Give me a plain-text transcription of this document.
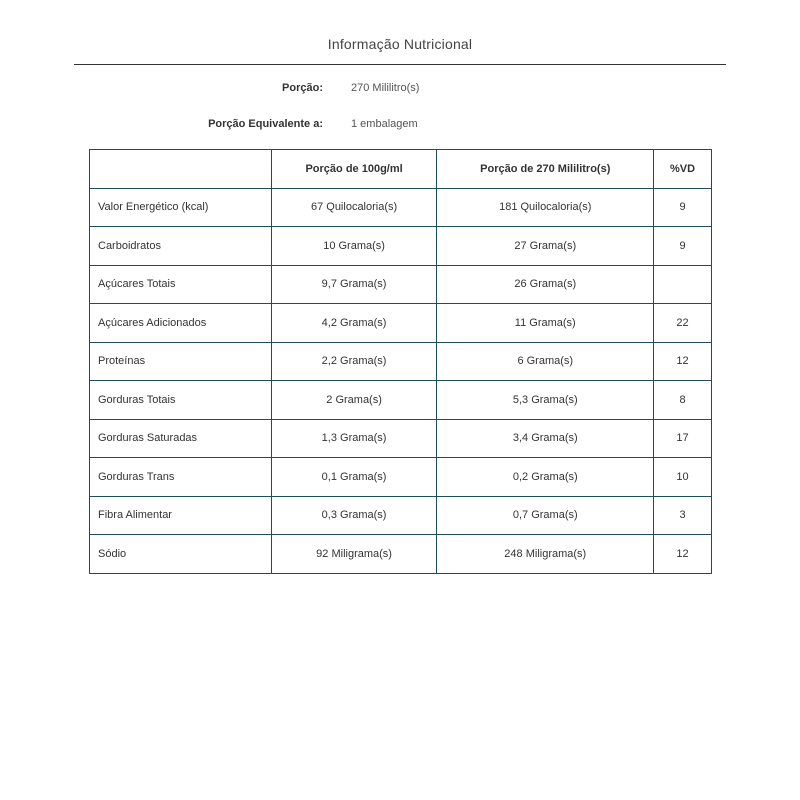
Informação Nutricional
Porção:	270 Mililitro(s)
Porção Equivalente a:	1 embalagem
	Porção de 100g/ml	Porção de 270 Mililitro(s)	%VD
Valor Energético (kcal)	67 Quilocaloria(s)	181 Quilocaloria(s)	9
Carboidratos	10 Grama(s)	27 Grama(s)	9
Açúcares Totais	9,7 Grama(s)	26 Grama(s)	
Açúcares Adicionados	4,2 Grama(s)	11 Grama(s)	22
Proteínas	2,2 Grama(s)	6 Grama(s)	12
Gorduras Totais	2 Grama(s)	5,3 Grama(s)	8
Gorduras Saturadas	1,3 Grama(s)	3,4 Grama(s)	17
Gorduras Trans	0,1 Grama(s)	0,2 Grama(s)	10
Fibra Alimentar	0,3 Grama(s)	0,7 Grama(s)	3
Sódio	92 Miligrama(s)	248 Miligrama(s)	12
